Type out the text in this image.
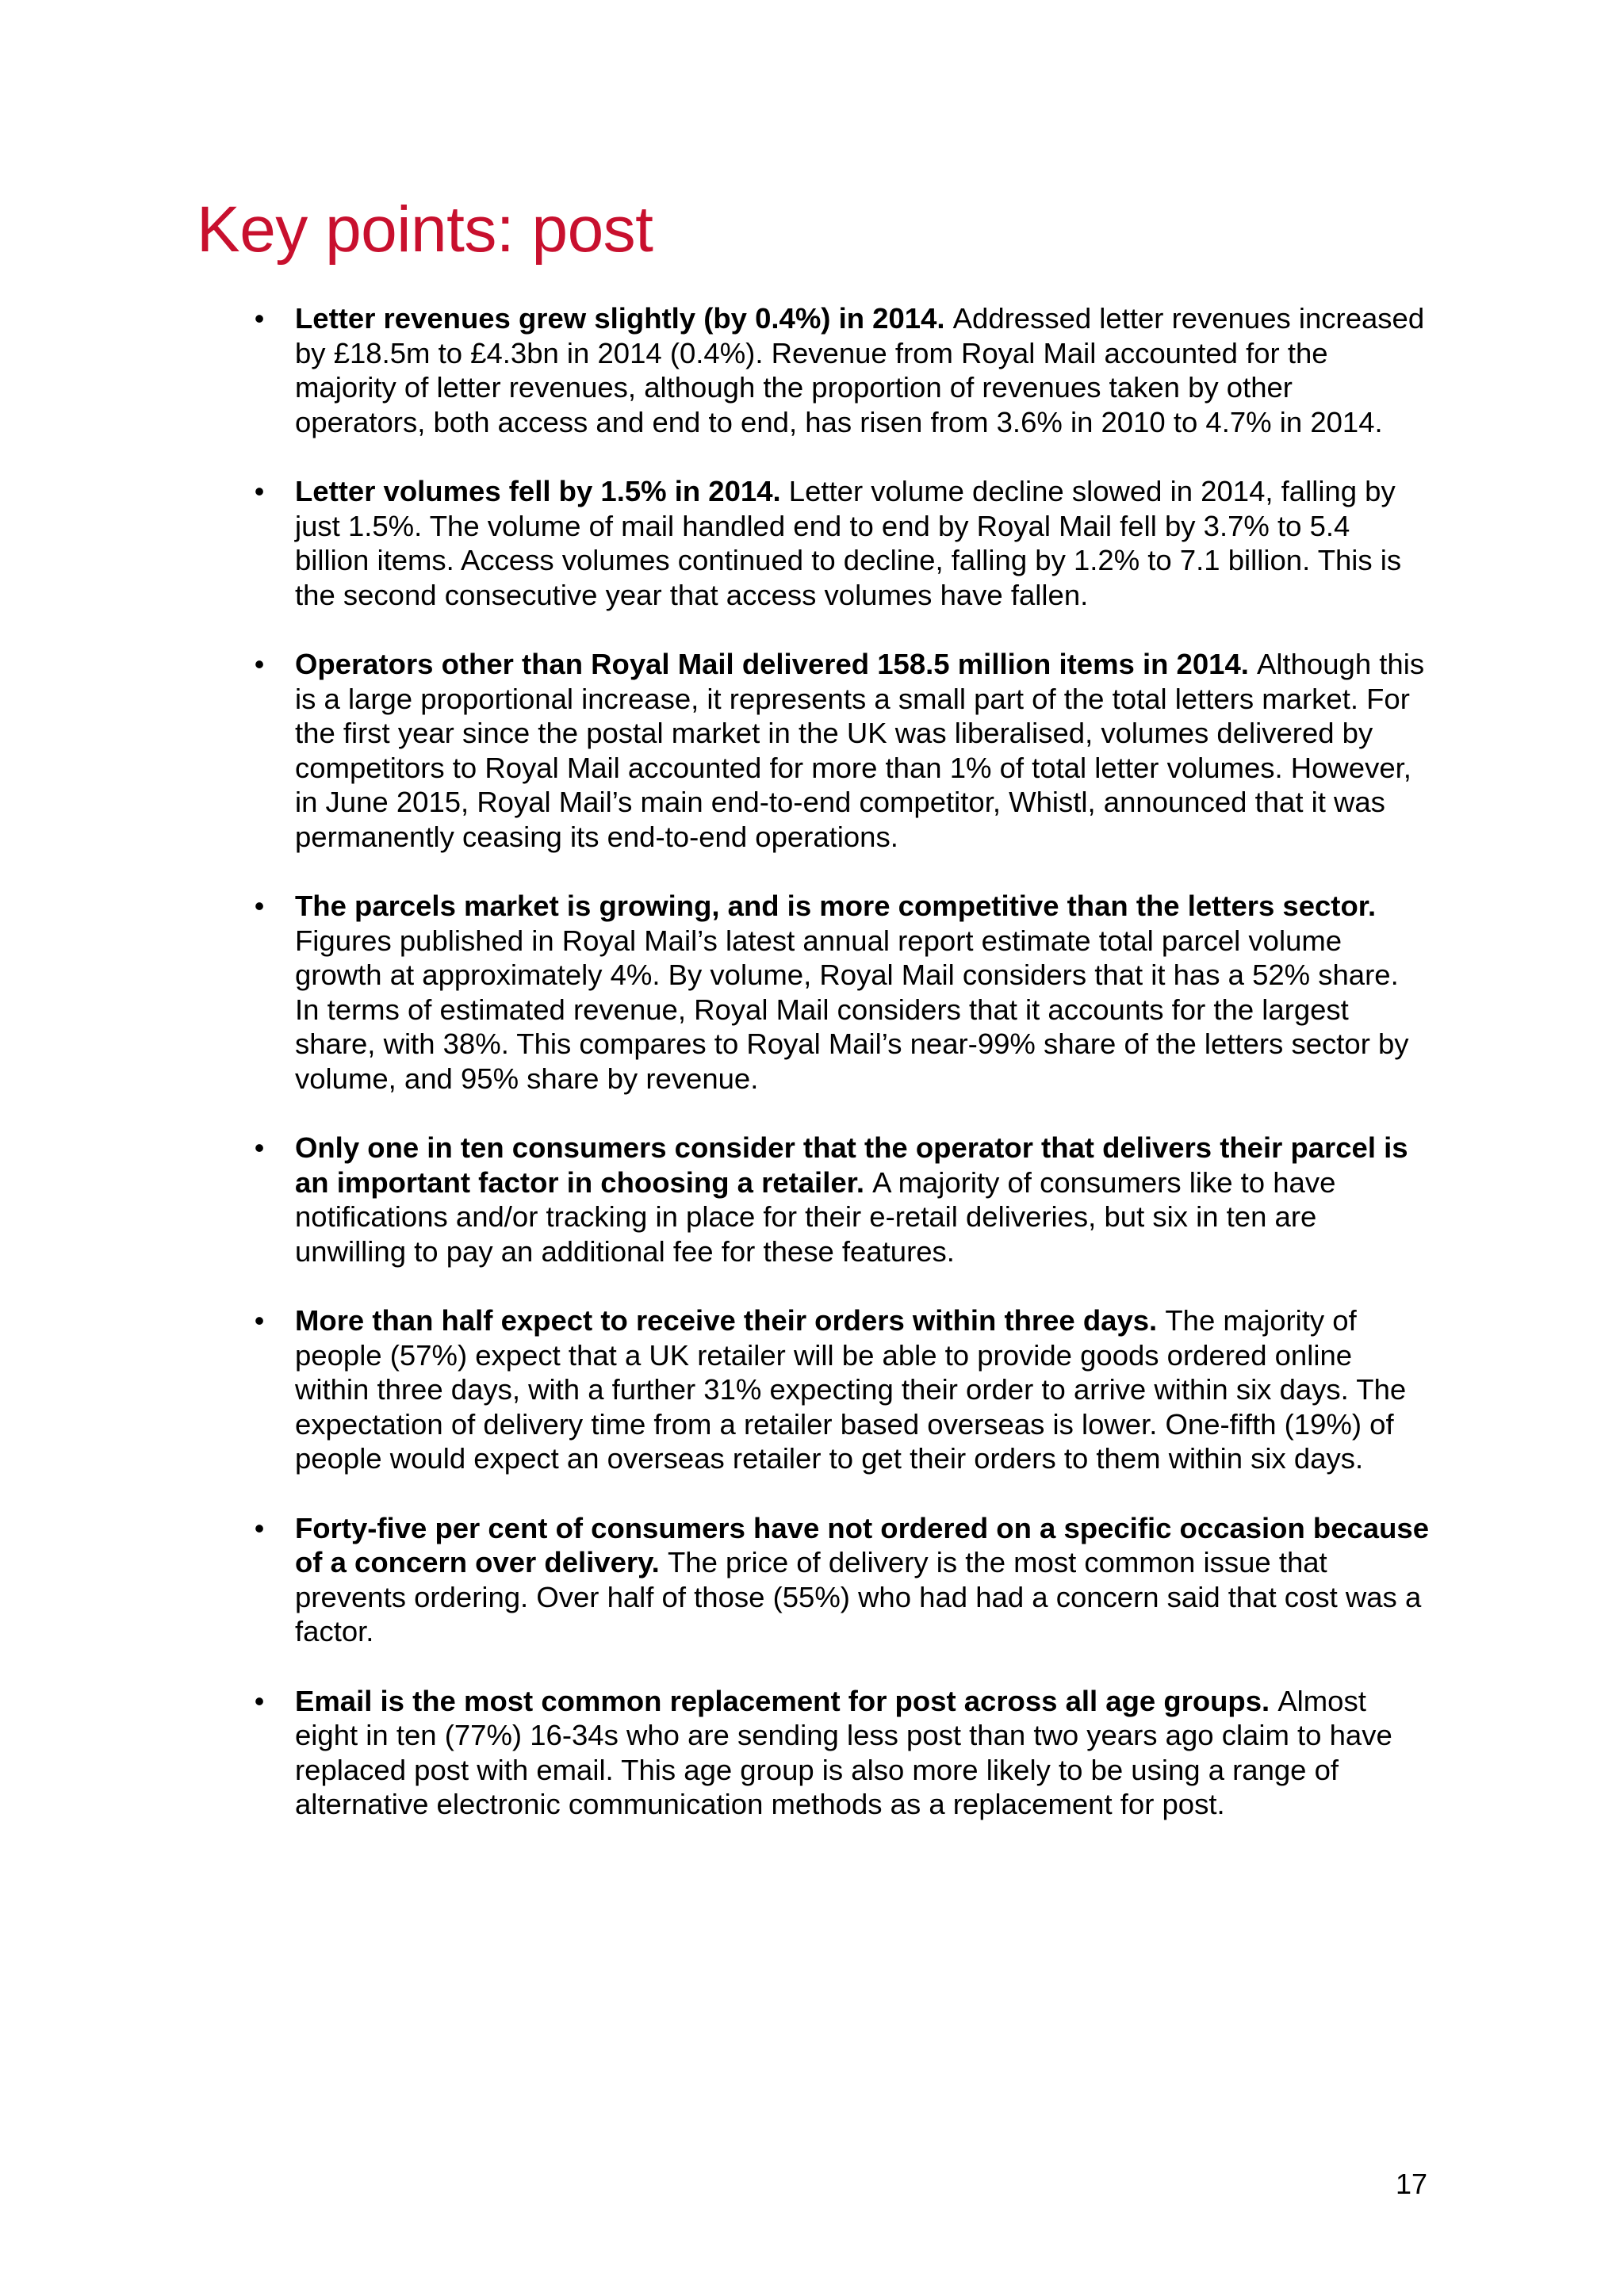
Key points: post
• Letter revenues grew slightly (by 0.4%) in 2014. Addressed letter revenues increased by £18.5m to £4.3bn in 2014 (0.4%). Revenue from Royal Mail accounted for the majority of letter revenues, although the proportion of revenues taken by other operators, both access and end to end, has risen from 3.6% in 2010 to 4.7% in 2014.
• Letter volumes fell by 1.5% in 2014. Letter volume decline slowed in 2014, falling by just 1.5%. The volume of mail handled end to end by Royal Mail fell by 3.7% to 5.4 billion items. Access volumes continued to decline, falling by 1.2% to 7.1 billion. This is the second consecutive year that access volumes have fallen.
• Operators other than Royal Mail delivered 158.5 million items in 2014. Although this is a large proportional increase, it represents a small part of the total letters market. For the first year since the postal market in the UK was liberalised, volumes delivered by competitors to Royal Mail accounted for more than 1% of total letter volumes. However, in June 2015, Royal Mail’s main end-to-end competitor, Whistl, announced that it was permanently ceasing its end-to-end operations.
• The parcels market is growing, and is more competitive than the letters sector. Figures published in Royal Mail’s latest annual report estimate total parcel volume growth at approximately 4%. By volume, Royal Mail considers that it has a 52% share. In terms of estimated revenue, Royal Mail considers that it accounts for the largest share, with 38%. This compares to Royal Mail’s near-99% share of the letters sector by volume, and 95% share by revenue.
• Only one in ten consumers consider that the operator that delivers their parcel is an important factor in choosing a retailer. A majority of consumers like to have notifications and/or tracking in place for their e-retail deliveries, but six in ten are unwilling to pay an additional fee for these features.
• More than half expect to receive their orders within three days. The majority of people (57%) expect that a UK retailer will be able to provide goods ordered online within three days, with a further 31% expecting their order to arrive within six days. The expectation of delivery time from a retailer based overseas is lower. One-fifth (19%) of people would expect an overseas retailer to get their orders to them within six days.
• Forty-five per cent of consumers have not ordered on a specific occasion because of a concern over delivery. The price of delivery is the most common issue that prevents ordering. Over half of those (55%) who had had a concern said that cost was a factor.
• Email is the most common replacement for post across all age groups. Almost eight in ten (77%) 16-34s who are sending less post than two years ago claim to have replaced post with email. This age group is also more likely to be using a range of alternative electronic communication methods as a replacement for post.
17
